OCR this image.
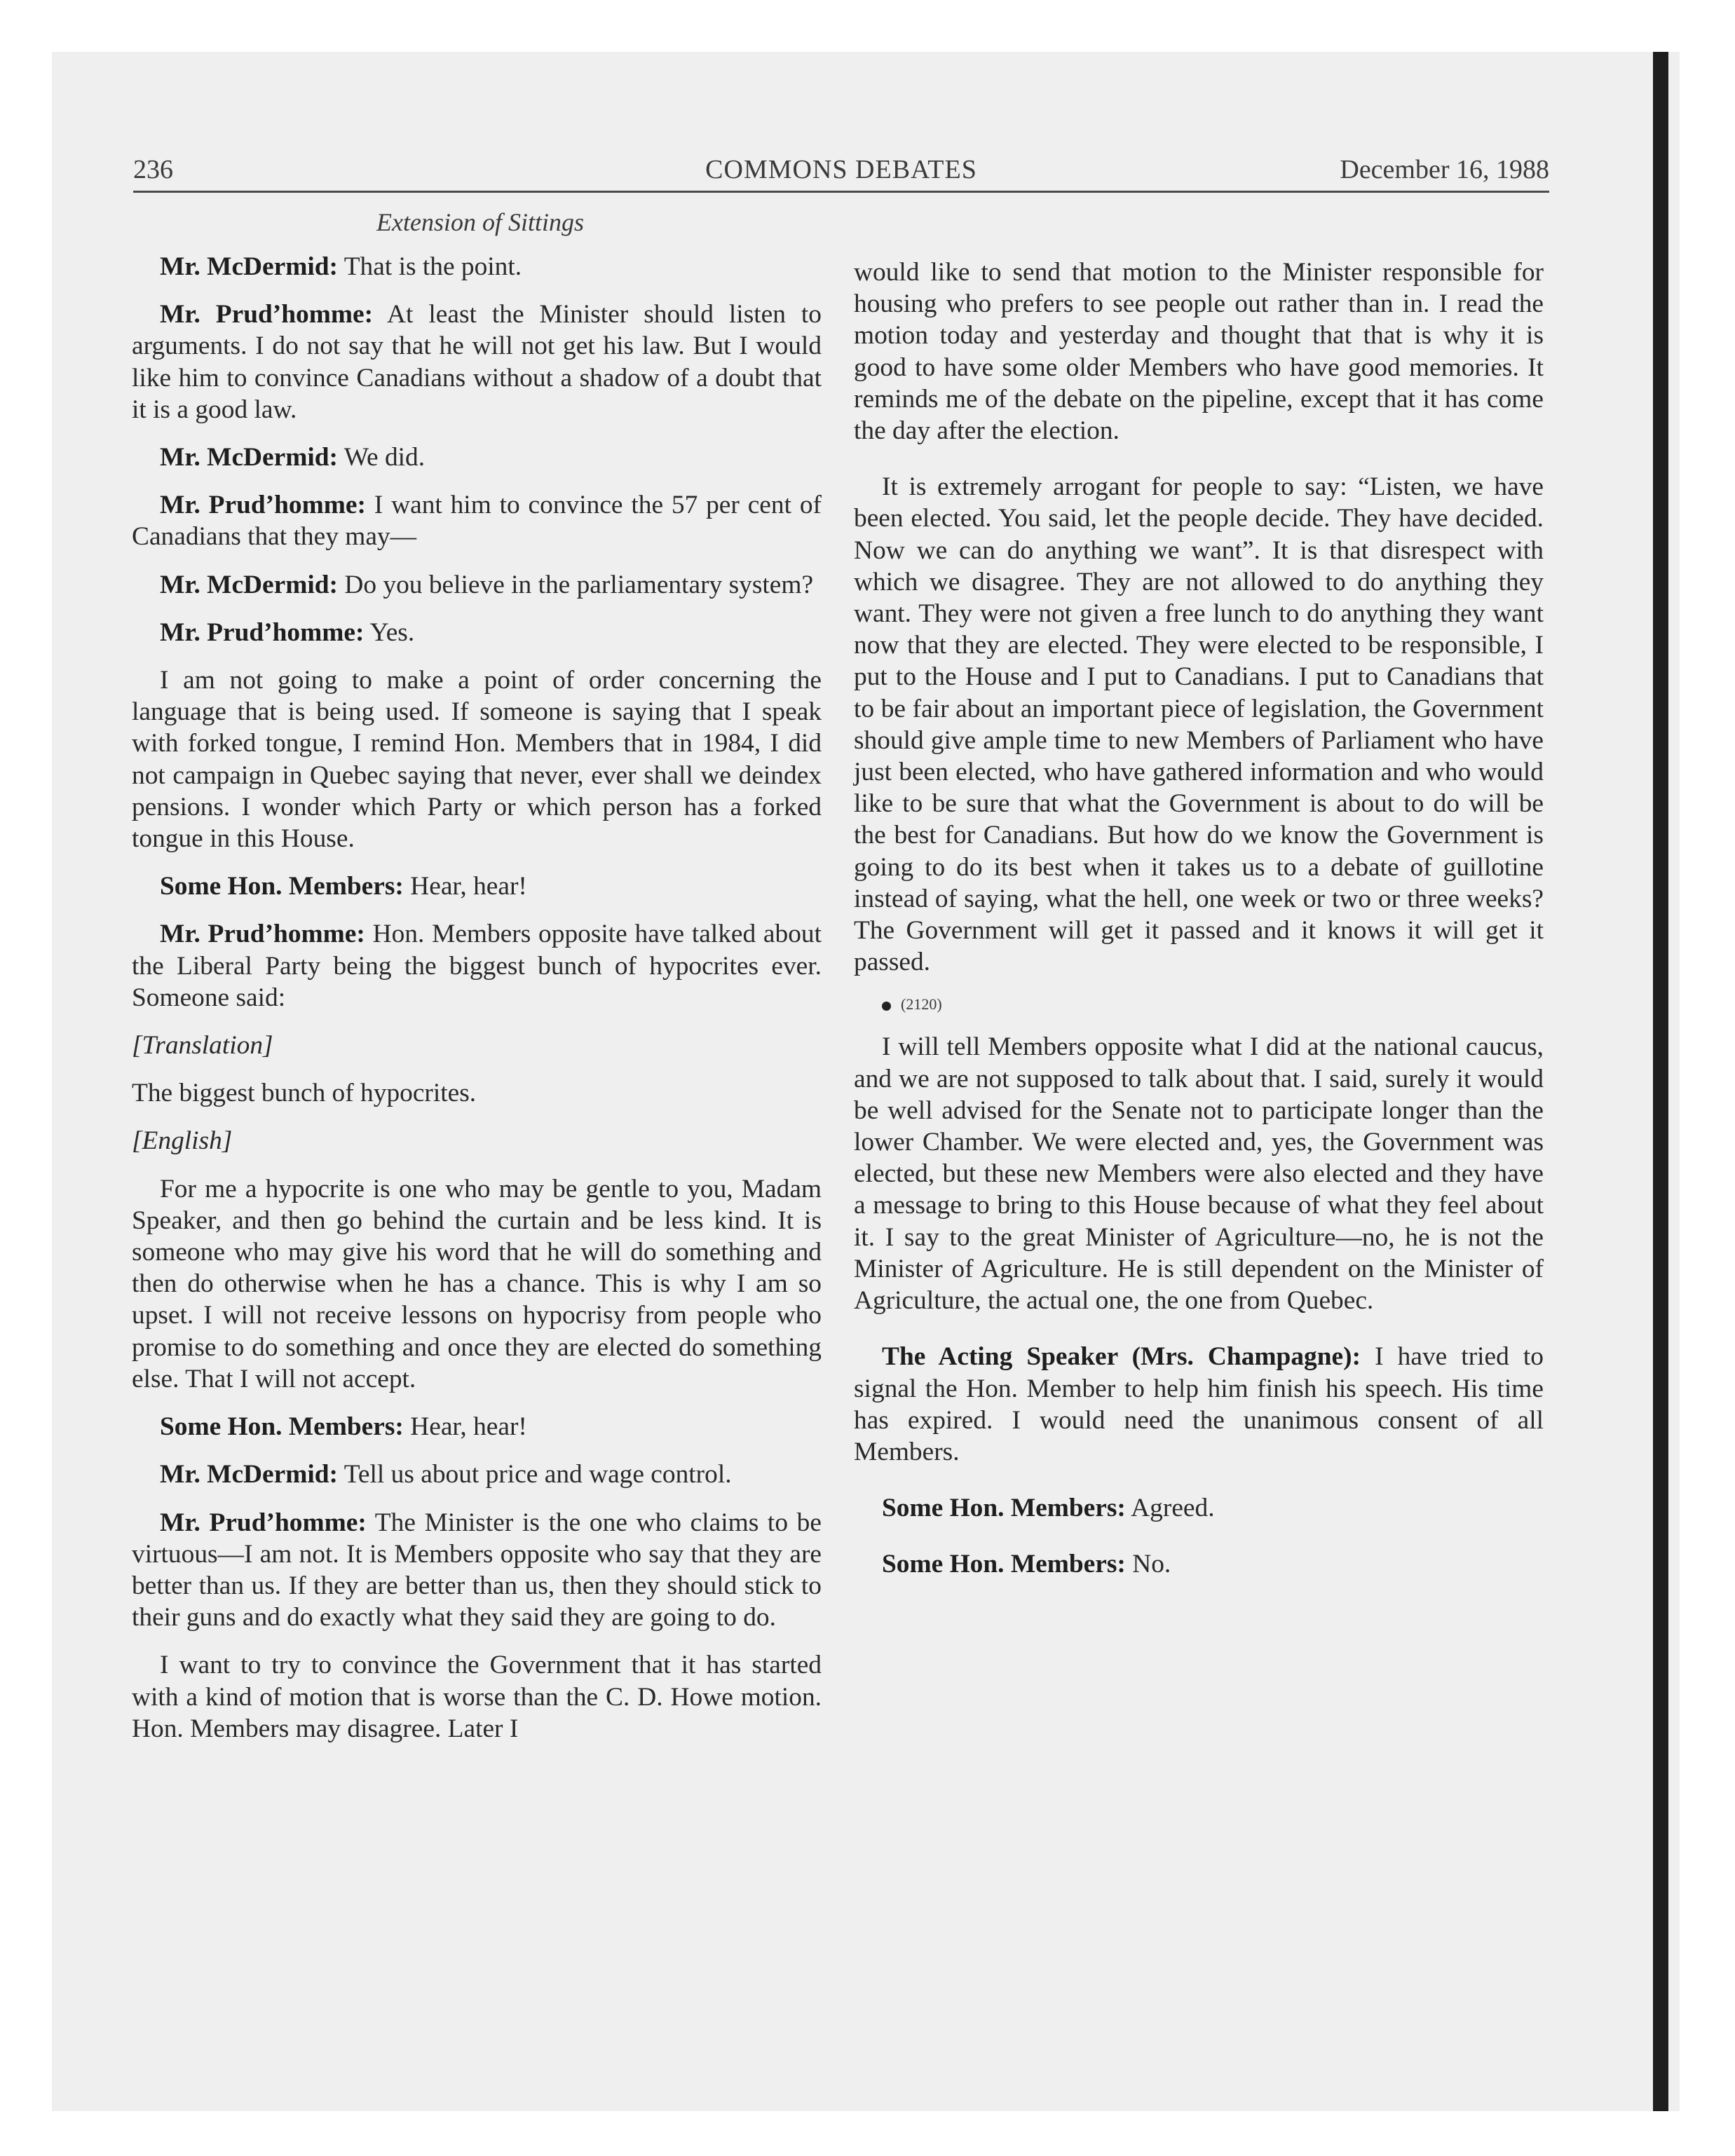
236	COMMONS DEBATES	December 16, 1988
Extension of Sittings

Mr. McDermid: That is the point.

Mr. Prud’homme: At least the Minister should listen to arguments. I do not say that he will not get his law. But I would like him to convince Canadians without a shadow of a doubt that it is a good law.

Mr. McDermid: We did.

Mr. Prud’homme: I want him to convince the 57 per cent of Canadians that they may—

Mr. McDermid: Do you believe in the parliamentary system?

Mr. Prud’homme: Yes.

I am not going to make a point of order concerning the language that is being used. If someone is saying that I speak with forked tongue, I remind Hon. Members that in 1984, I did not campaign in Quebec saying that never, ever shall we deindex pensions. I wonder which Party or which person has a forked tongue in this House.

Some Hon. Members: Hear, hear!

Mr. Prud’homme: Hon. Members opposite have talked about the Liberal Party being the biggest bunch of hypocrites ever. Someone said:

[Translation]

The biggest bunch of hypocrites.

[English]

For me a hypocrite is one who may be gentle to you, Madam Speaker, and then go behind the curtain and be less kind. It is someone who may give his word that he will do something and then do otherwise when he has a chance. This is why I am so upset. I will not receive lessons on hypocrisy from people who promise to do something and once they are elected do something else. That I will not accept.

Some Hon. Members: Hear, hear!

Mr. McDermid: Tell us about price and wage control.

Mr. Prud’homme: The Minister is the one who claims to be virtuous—I am not. It is Members opposite who say that they are better than us. If they are better than us, then they should stick to their guns and do exactly what they said they are going to do.

I want to try to convince the Government that it has started with a kind of motion that is worse than the C. D. Howe motion. Hon. Members may disagree. Later I

would like to send that motion to the Minister responsible for housing who prefers to see people out rather than in. I read the motion today and yesterday and thought that that is why it is good to have some older Members who have good memories. It reminds me of the debate on the pipeline, except that it has come the day after the election.

It is extremely arrogant for people to say: “Listen, we have been elected. You said, let the people decide. They have decided. Now we can do anything we want”. It is that disrespect with which we disagree. They are not allowed to do anything they want. They were not given a free lunch to do anything they want now that they are elected. They were elected to be responsible, I put to the House and I put to Canadians. I put to Canadians that to be fair about an important piece of legislation, the Government should give ample time to new Members of Parliament who have just been elected, who have gathered information and who would like to be sure that what the Government is about to do will be the best for Canadians. But how do we know the Government is going to do its best when it takes us to a debate of guillotine instead of saying, what the hell, one week or two or three weeks? The Government will get it passed and it knows it will get it passed.

(2120)

I will tell Members opposite what I did at the national caucus, and we are not supposed to talk about that. I said, surely it would be well advised for the Senate not to participate longer than the lower Chamber. We were elected and, yes, the Government was elected, but these new Members were also elected and they have a message to bring to this House because of what they feel about it. I say to the great Minister of Agriculture—no, he is not the Minister of Agriculture. He is still dependent on the Minister of Agriculture, the actual one, the one from Quebec.

The Acting Speaker (Mrs. Champagne): I have tried to signal the Hon. Member to help him finish his speech. His time has expired. I would need the unanimous consent of all Members.

Some Hon. Members: Agreed.

Some Hon. Members: No.
